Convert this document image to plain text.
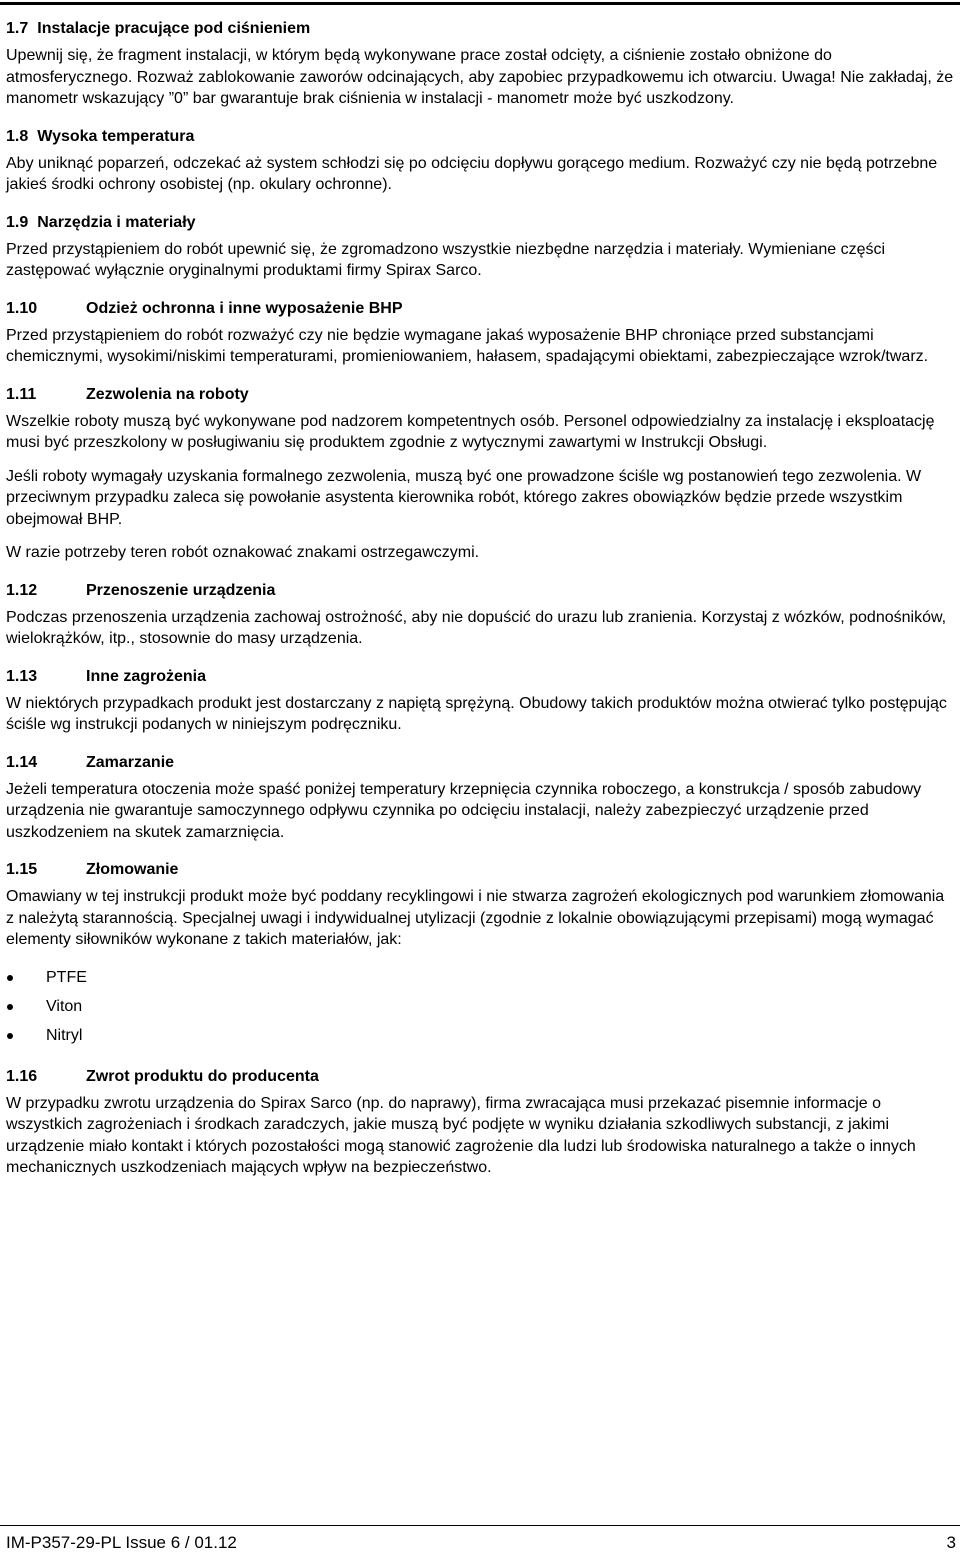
1.7 Instalacje pracujące pod ciśnieniem

Upewnij się, że fragment instalacji, w którym będą wykonywane prace został odcięty, a ciśnienie zostało obniżone do atmosferycznego. Rozważ zablokowanie zaworów odcinających, aby zapobiec przypadkowemu ich otwarciu. Uwaga! Nie zakładaj, że manometr wskazujący ”0” bar gwarantuje brak ciśnienia w instalacji - manometr może być uszkodzony.

1.8 Wysoka temperatura

Aby uniknąć poparzeń, odczekać aż system schłodzi się po odcięciu dopływu gorącego medium. Rozważyć czy nie będą potrzebne jakieś środki ochrony osobistej (np. okulary ochronne).

1.9 Narzędzia i materiały

Przed przystąpieniem do robót upewnić się, że zgromadzono wszystkie niezbędne narzędzia i materiały. Wymieniane części zastępować wyłącznie oryginalnymi produktami firmy Spirax Sarco.

1.10	Odzież ochronna i inne wyposażenie BHP

Przed przystąpieniem do robót rozważyć czy nie będzie wymagane jakaś wyposażenie BHP chroniące przed substancjami chemicznymi, wysokimi/niskimi temperaturami, promieniowaniem, hałasem, spadającymi obiektami, zabezpieczające wzrok/twarz.

1.11	Zezwolenia na roboty

Wszelkie roboty muszą być wykonywane pod nadzorem kompetentnych osób. Personel odpowiedzialny za instalację i eksploatację musi być przeszkolony w posługiwaniu się produktem zgodnie z wytycznymi zawartymi w Instrukcji Obsługi.

Jeśli roboty wymagały uzyskania formalnego zezwolenia, muszą być one prowadzone ściśle wg postanowień tego zezwolenia. W przeciwnym przypadku zaleca się powołanie asystenta kierownika robót, którego zakres obowiązków będzie przede wszystkim obejmował BHP.

W razie potrzeby teren robót oznakować znakami ostrzegawczymi.

1.12	Przenoszenie urządzenia

Podczas przenoszenia urządzenia zachowaj ostrożność, aby nie dopuścić do urazu lub zranienia. Korzystaj z wózków, podnośników, wielokrążków, itp., stosownie do masy urządzenia.

1.13	Inne zagrożenia

W niektórych przypadkach produkt jest dostarczany z napiętą sprężyną. Obudowy takich produktów można otwierać tylko postępując ściśle wg instrukcji podanych w niniejszym podręczniku.

1.14	Zamarzanie

Jeżeli temperatura otoczenia może spaść poniżej temperatury krzepnięcia czynnika roboczego, a konstrukcja / sposób zabudowy urządzenia nie gwarantuje samoczynnego odpływu czynnika po odcięciu instalacji, należy zabezpieczyć urządzenie przed uszkodzeniem na skutek zamarznięcia.

1.15	Złomowanie

Omawiany w tej instrukcji produkt może być poddany recyklingowi i nie stwarza zagrożeń ekologicznych pod warunkiem złomowania z należytą starannością. Specjalnej uwagi i indywidualnej utylizacji (zgodnie z lokalnie obowiązującymi przepisami) mogą wymagać elementy siłowników wykonane z takich materiałów, jak:

PTFE
Viton
Nitryl
1.16	Zwrot produktu do producenta

W przypadku zwrotu urządzenia do Spirax Sarco (np. do naprawy), firma zwracająca musi przekazać pisemnie informacje o wszystkich zagrożeniach i środkach zaradczych, jakie muszą być podjęte w wyniku działania szkodliwych substancji, z jakimi urządzenie miało kontakt i których pozostałości mogą stanowić zagrożenie dla ludzi lub środowiska naturalnego a także o innych mechanicznych uszkodzeniach mających wpływ na bezpieczeństwo.

IM-P357-29-PL Issue 6 / 01.12	3
